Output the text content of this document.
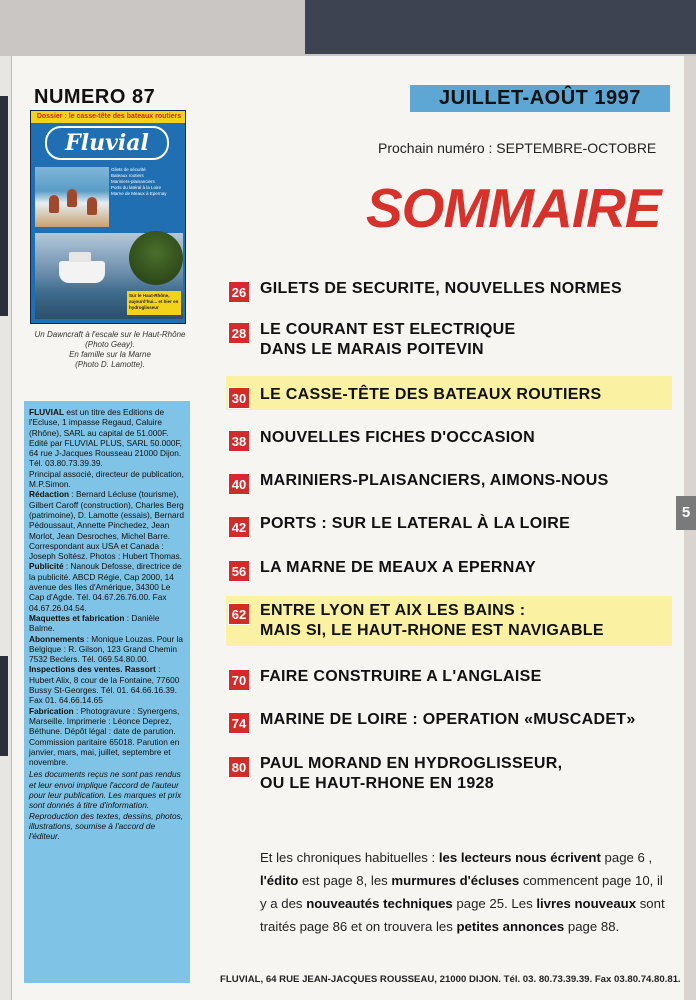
NUMERO 87
Dossier : le casse-tête des bateaux routiers
Fluvial
Gilets de sécurité
Bateaux routiers
Mariniers-plaisanciers
Ports du latéral à la Loire
Marne de Meaux à Epernay
Sur le Haut-Rhône, aujourd'hui... et hier en hydroglisseur
Un Dawncraft à l'escale sur le Haut-Rhône
(Photo Geay).
En famille sur la Marne
(Photo D. Lamotte).

FLUVIAL est un titre des Editions de l'Ecluse, 1 impasse Regaud, Caluire (Rhône), SARL au capital de 51.000F. Edité par FLUVIAL PLUS, SARL 50.000F, 64 rue J-Jacques Rousseau 21000 Dijon. Tél. 03.80.73.39.39.

Principal associé, directeur de publication, M.P.Simon.

Rédaction : Bernard Lécluse (tourisme), Gilbert Caroff (construction), Charles Berg (patrimoine), D. Lamotte (essais), Bernard Pédoussaut, Annette Pinchedez, Jean Morlot, Jean Desroches, Michel Barre. Correspondant aux USA et Canada : Joseph Soltész. Photos : Hubert Thomas.

Publicité : Nanouk Defosse, directrice de la publicité. ABCD Régie, Cap 2000, 14 avenue des Iles d'Amérique, 34300 Le Cap d'Agde. Tél. 04.67.26.76.00. Fax 04.67.26.04.54.

Maquettes et fabrication : Danièle Balme.

Abonnements : Monique Louzas. Pour la Belgique : R. Gilson, 123 Grand Chemin 7532 Beclers. Tél. 069.54.80.00.

Inspections des ventes. Rassort : Hubert Alix, 8 cour de la Fontaine, 77600 Bussy St-Georges. Tél. 01. 64.66.16.39. Fax 01. 64.66.14.65

Fabrication : Photogravure : Synergens, Marseille. Imprimerie : Léonce Deprez, Béthune. Dépôt légal : date de parution. Commission paritaire 65018. Parution en janvier, mars, mai, juillet, septembre et novembre.

Les documents reçus ne sont pas rendus et leur envoi implique l'accord de l'auteur pour leur publication. Les marques et prix sont donnés à titre d'information. Reproduction des textes, dessins, photos, illustrations, soumise à l'accord de l'éditeur.

JUILLET-AOÛT 1997
Prochain numéro : SEPTEMBRE-OCTOBRE
SOMMAIRE
26 GILETS DE SECURITE, NOUVELLES NORMES
28 LE COURANT EST ELECTRIQUE
DANS LE MARAIS POITEVIN
30 LE CASSE-TÊTE DES BATEAUX ROUTIERS
38 NOUVELLES FICHES D'OCCASION
40 MARINIERS-PLAISANCIERS, AIMONS-NOUS
42 PORTS : SUR LE LATERAL À LA LOIRE
56 LA MARNE DE MEAUX A EPERNAY
62 ENTRE LYON ET AIX LES BAINS :
MAIS SI, LE HAUT-RHONE EST NAVIGABLE
70 FAIRE CONSTRUIRE A L'ANGLAISE
74 MARINE DE LOIRE : OPERATION «MUSCADET»
80 PAUL MORAND EN HYDROGLISSEUR,
OU LE HAUT-RHONE EN 1928
5
Et les chroniques habituelles : les lecteurs nous écrivent page 6 , l'édito est page 8, les murmures d'écluses commencent page 10, il y a des nouveautés techniques page 25. Les livres nouveaux sont traités page 86 et on trouvera les petites annonces page 88.
FLUVIAL, 64 RUE JEAN-JACQUES ROUSSEAU, 21000 DIJON. Tél. 03. 80.73.39.39. Fax 03.80.74.80.81.
